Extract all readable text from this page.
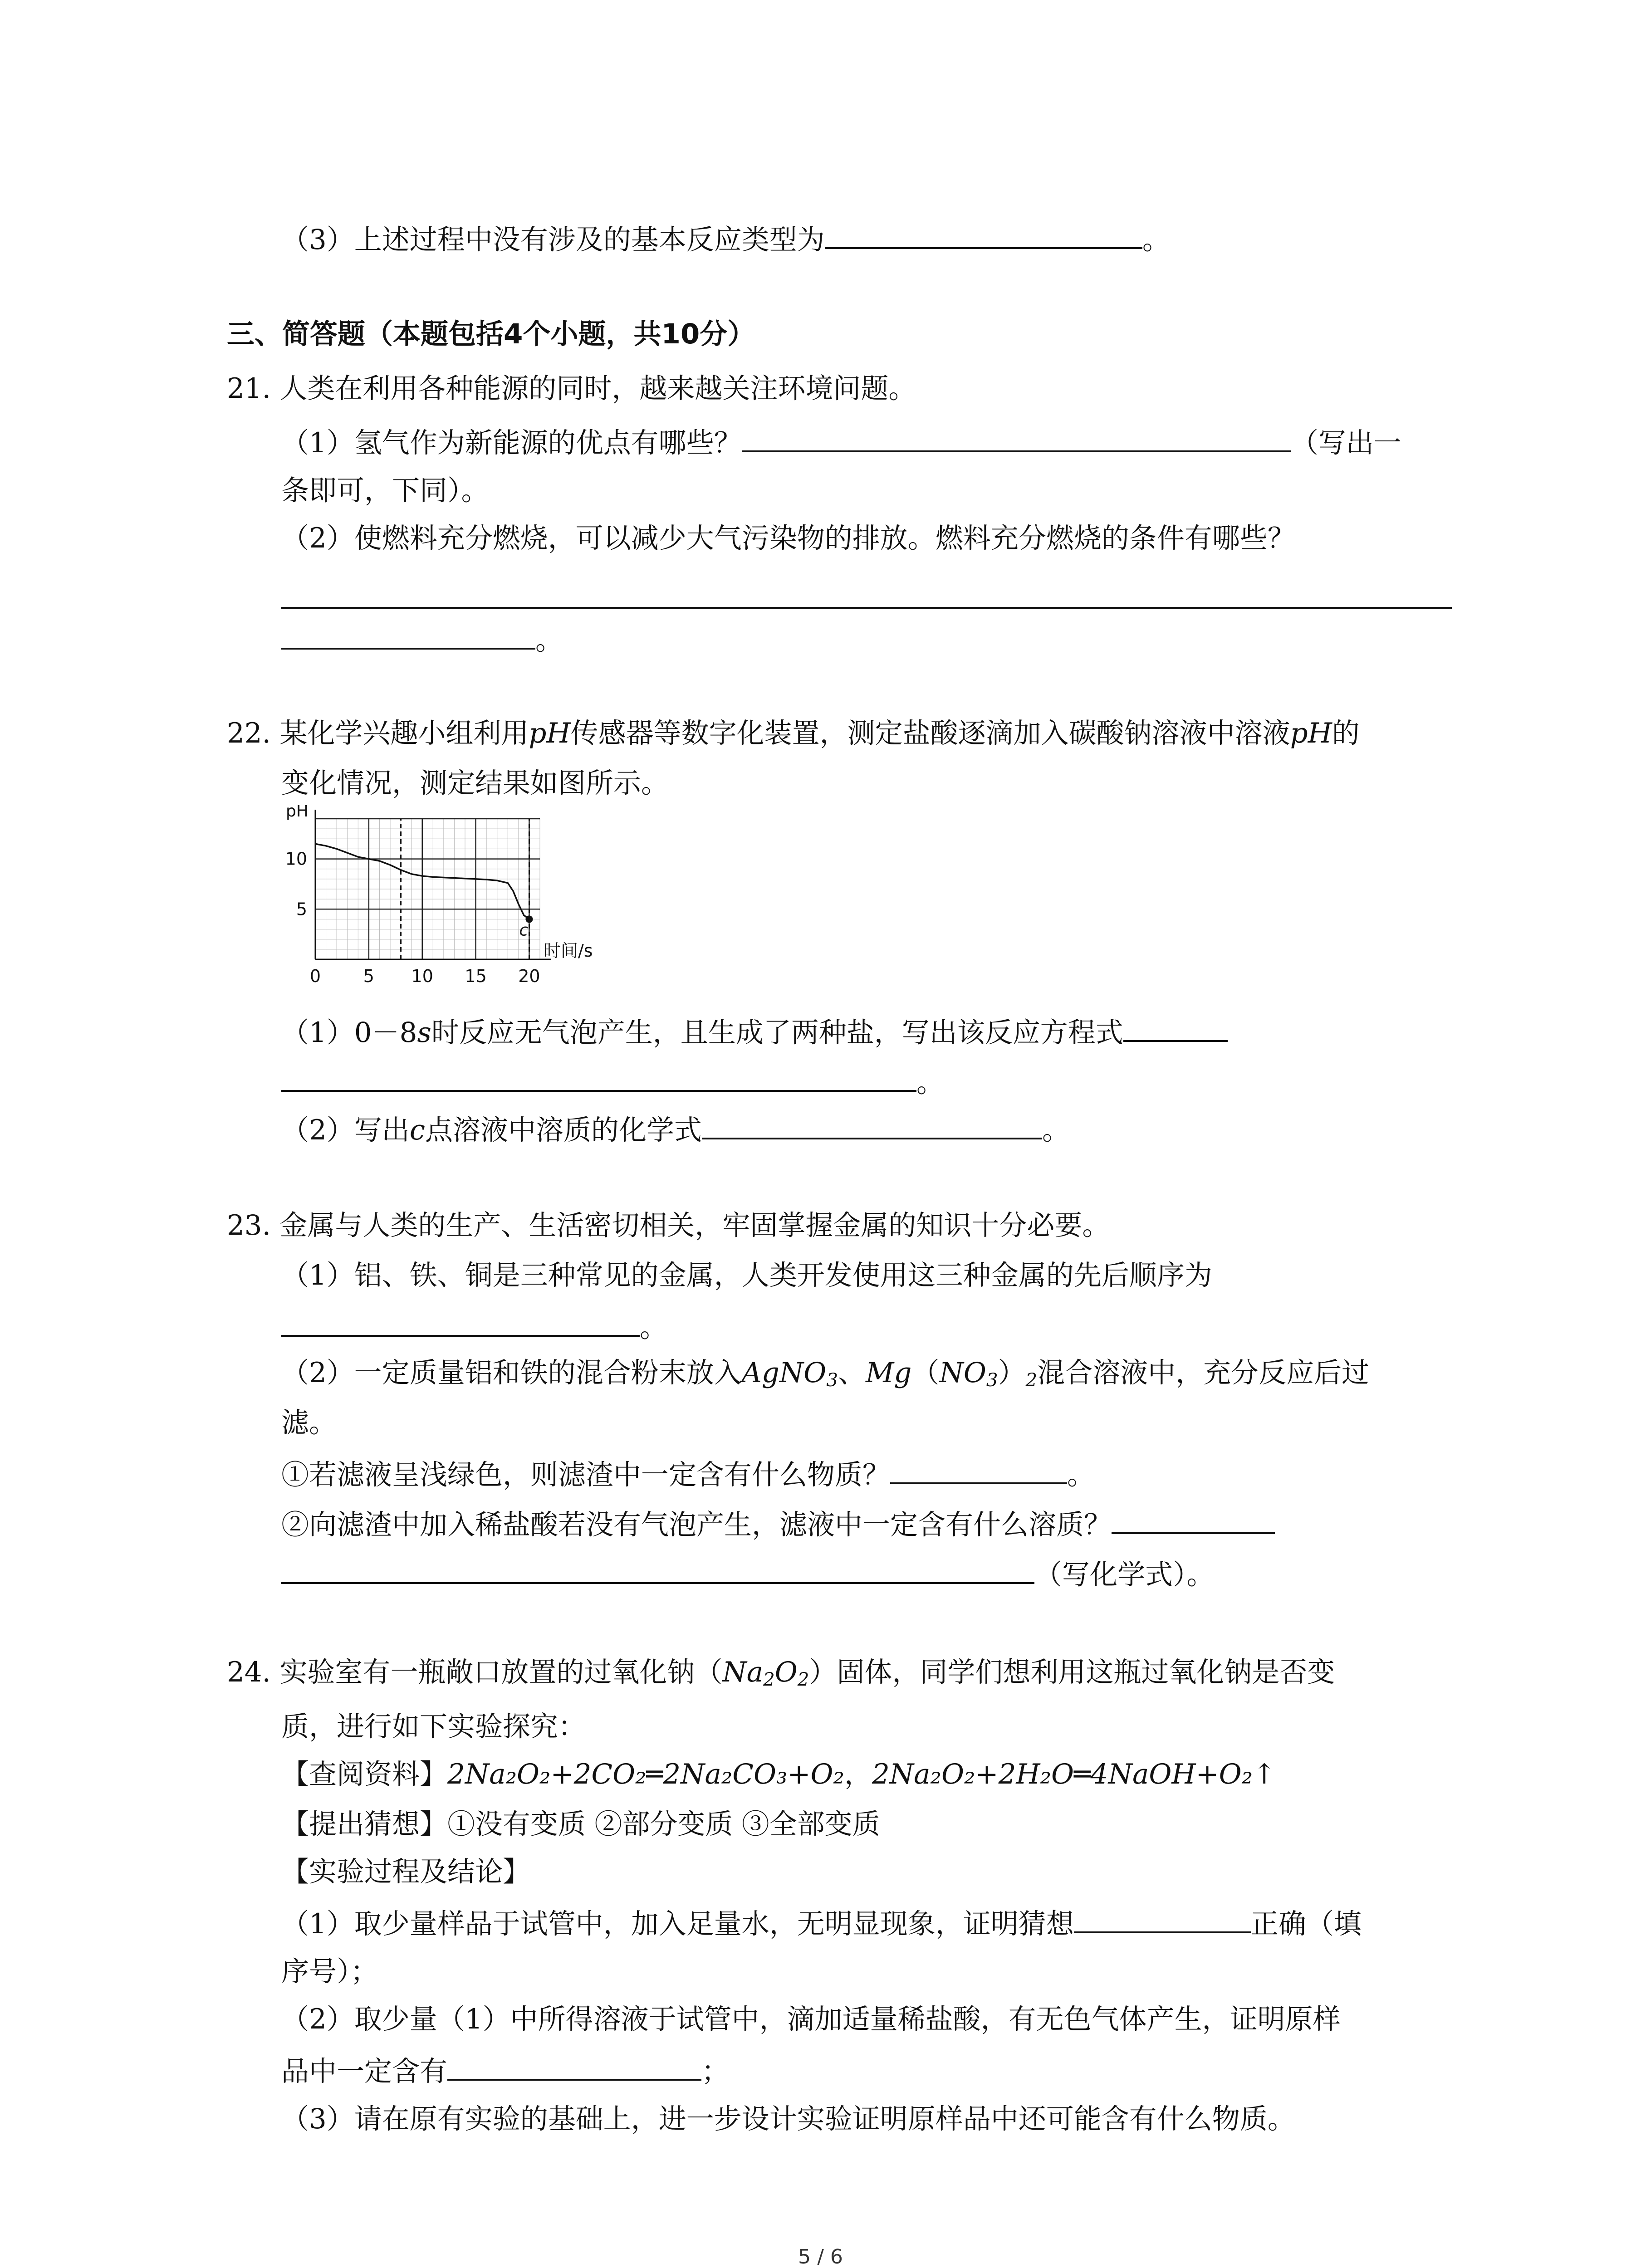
（3）上述过程中没有涉及的基本反应类型为	。
三、简答题（本题包括4个小题，共10分）
21. 人类在利用各种能源的同时，越来越关注环境问题。
（1）氢气作为新能源的优点有哪些？	（写出一
条即可，下同）。
（2）使燃料充分燃烧，可以减少大气污染物的排放。燃料充分燃烧的条件有哪些？
。
22. 某化学兴趣小组利用pH传感器等数字化装置，测定盐酸逐滴加入碳酸钠溶液中溶液pH的
变化情况，测定结果如图所示。
0 5 10 15 20
5
10
pH
时间/s
c
（1）0－8s时反应无气泡产生，且生成了两种盐，写出该反应方程式
。
（2）写出c点溶液中溶质的化学式	。
23. 金属与人类的生产、生活密切相关，牢固掌握金属的知识十分必要。
（1）铝、铁、铜是三种常见的金属，人类开发使用这三种金属的先后顺序为
。
（2）一定质量铝和铁的混合粉末放入AgNO$_3$、$Mg(NO_3)_2$混合溶液中，充分反应后过
滤。
①若滤液呈浅绿色，则滤渣中一定含有什么物质？	。
②向滤渣中加入稀盐酸若没有气泡产生，滤液中一定含有什么溶质？
（写化学式）。
24. 实验室有一瓶敞口放置的过氧化钠$(Na_2O_2)$固体，同学们想利用这瓶过氧化钠是否变
质，进行如下实验探究：
【查阅资料】2Na₂O₂+2CO₂═2Na₂CO₃+O₂，2Na₂O₂+2H₂O═4NaOH+O₂↑
【提出猜想】①没有变质 ②部分变质 ③全部变质
【实验过程及结论】
（1）取少量样品于试管中，加入足量水，无明显现象，证明猜想	正确（填
序号）；
（2）取少量（1）中所得溶液于试管中，滴加适量稀盐酸，有无色气体产生，证明原样
品中一定含有	；
（3）请在原有实验的基础上，进一步设计实验证明原样品中还可能含有什么物质。
5 / 6
